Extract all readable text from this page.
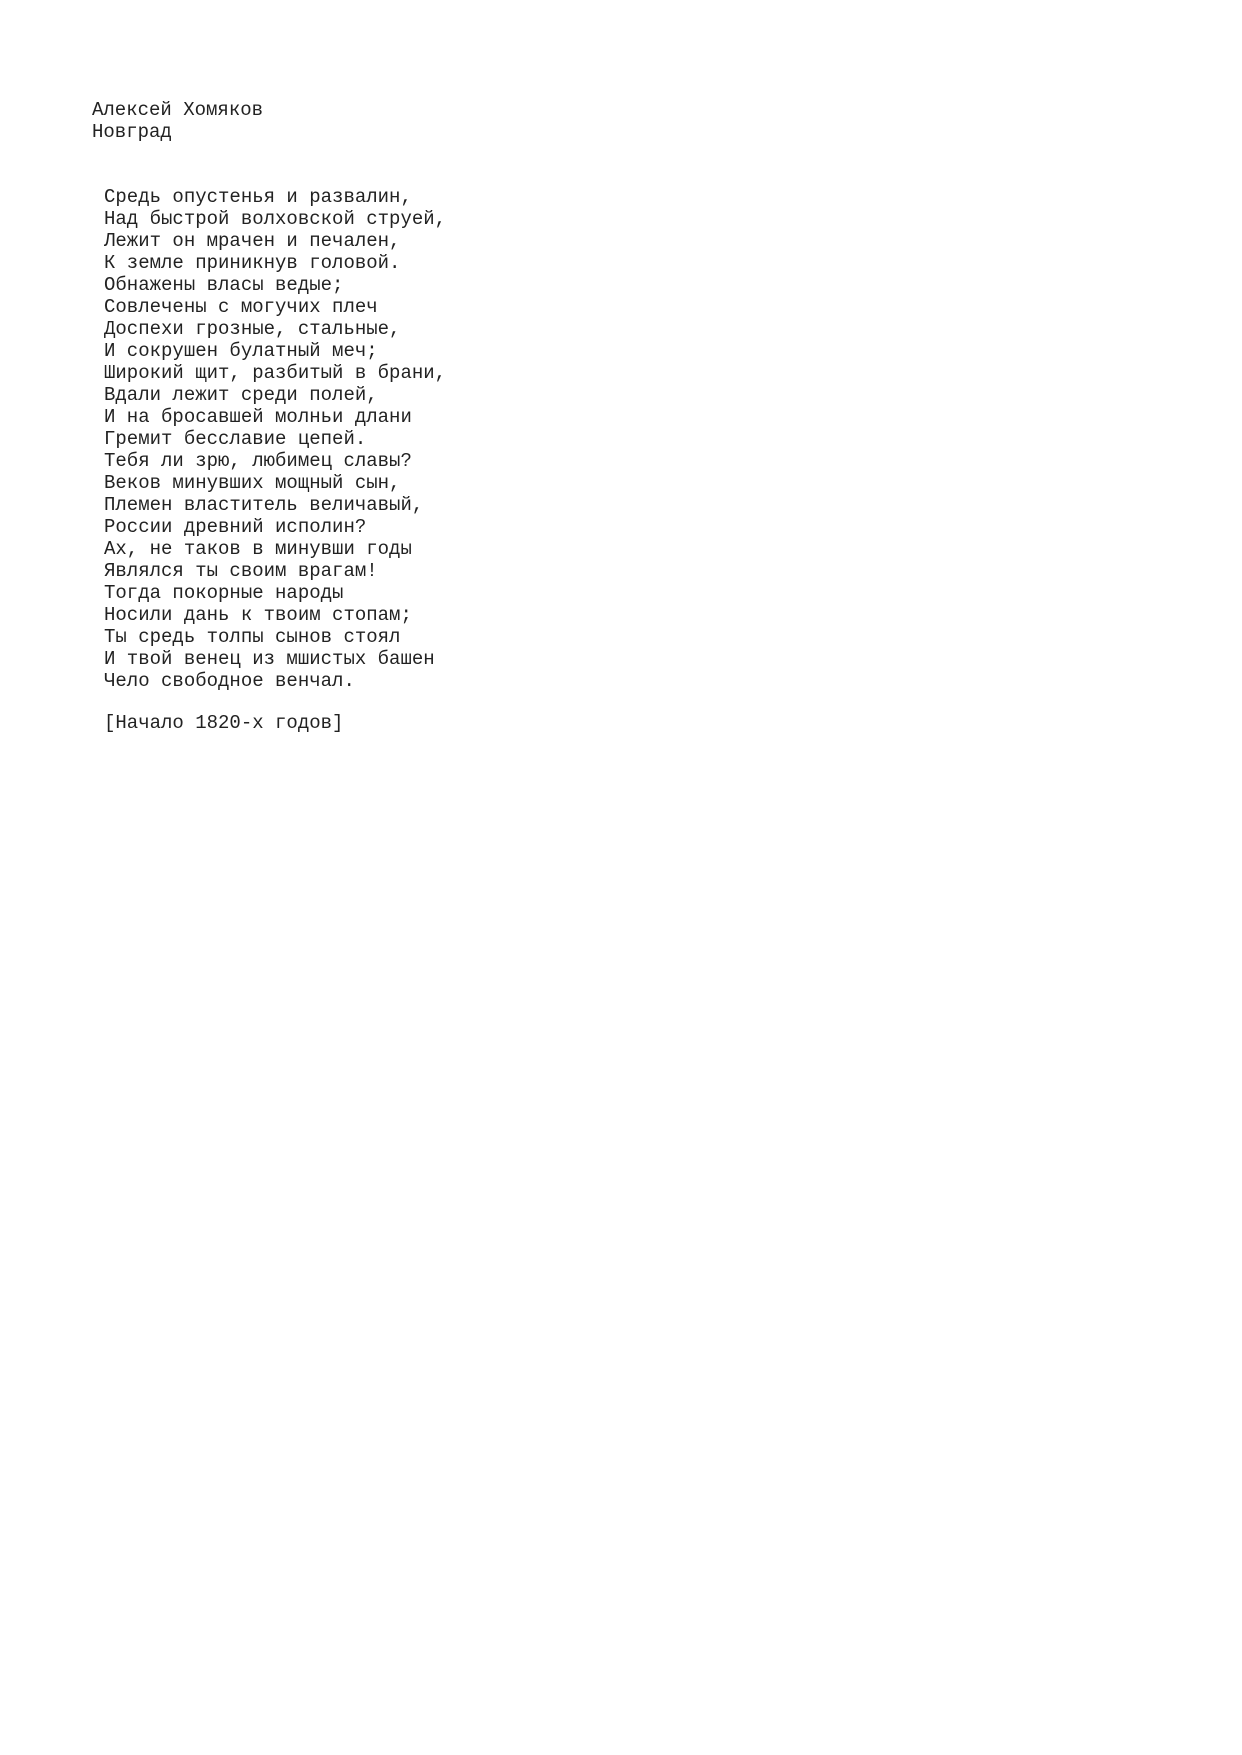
Алексей Хомяков
Новград
Средь опустенья и развалин,
Над быстрой волховской струей,
Лежит он мрачен и печален,
К земле приникнув головой.
Обнажены власы ведые;
Совлечены с могучих плеч
Доспехи грозные, стальные,
И сокрушен булатный меч;
Широкий щит, разбитый в брани,
Вдали лежит среди полей,
И на бросавшей молньи длани
Гремит бесславие цепей.
Тебя ли зрю, любимец славы?
Веков минувших мощный сын,
Племен властитель величавый,
России древний исполин?
Ах, не таков в минувши годы
Являлся ты своим врагам!
Тогда покорные народы
Носили дань к твоим стопам;
Ты средь толпы сынов стоял
И твой венец из мшистых башен
Чело свободное венчал.
[Начало 1820-х годов]
